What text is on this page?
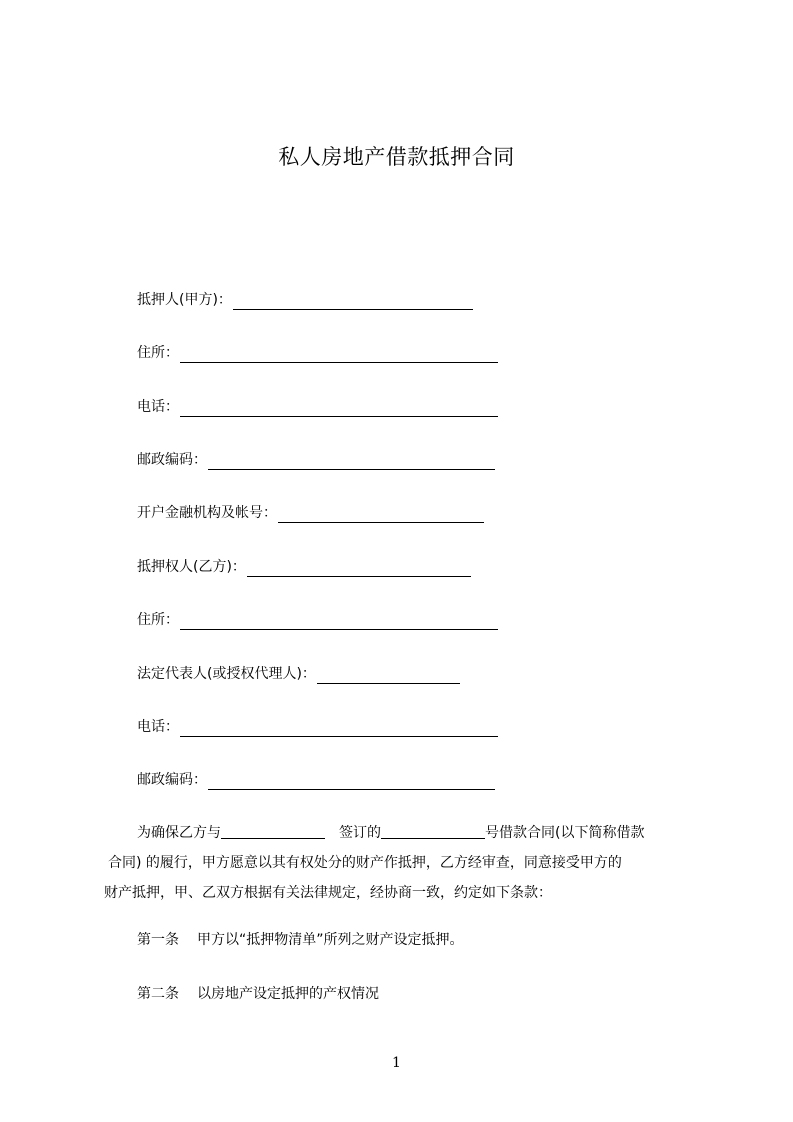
私人房地产借款抵押合同
抵押人(甲方)：
住所：
电话：
邮政编码：
开户金融机构及帐号：
抵押权人(乙方)：
住所：
法定代表人(或授权代理人)：
电话：
邮政编码：
为确保乙方与	签订的	号借款合同(以下简称借款
合同) 的履行，甲方愿意以其有权处分的财产作抵押，乙方经审查，同意接受甲方的
财产抵押，甲、乙双方根据有关法律规定，经协商一致，约定如下条款：
第一条 甲方以“抵押物清单”所列之财产设定抵押。
第二条 以房地产设定抵押的产权情况
1
